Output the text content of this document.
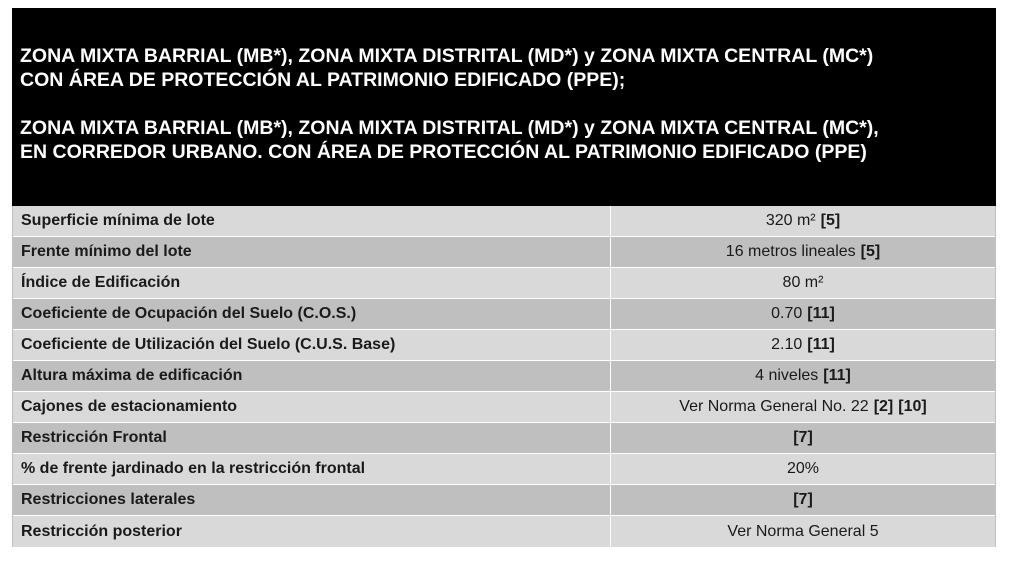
ZONA MIXTA BARRIAL (MB*), ZONA MIXTA DISTRITAL (MD*) y ZONA MIXTA CENTRAL (MC*)
CON ÁREA DE PROTECCIÓN AL PATRIMONIO EDIFICADO (PPE);

ZONA MIXTA BARRIAL (MB*), ZONA MIXTA DISTRITAL (MD*) y ZONA MIXTA CENTRAL (MC*),
EN CORREDOR URBANO. CON ÁREA DE PROTECCIÓN AL PATRIMONIO EDIFICADO (PPE)

Superficie mínima de lote	320 m² [5]
Frente mínimo del lote	16 metros lineales [5]
Índice de Edificación	80 m²
Coeficiente de Ocupación del Suelo (C.O.S.)	0.70 [11]
Coeficiente de Utilización del Suelo (C.U.S. Base)	2.10 [11]
Altura máxima de edificación	4 niveles [11]
Cajones de estacionamiento	Ver Norma General No. 22 [2] [10]
Restricción Frontal	[7]
% de frente jardinado en la restricción frontal	20%
Restricciones laterales	[7]
Restricción posterior	Ver Norma General 5
